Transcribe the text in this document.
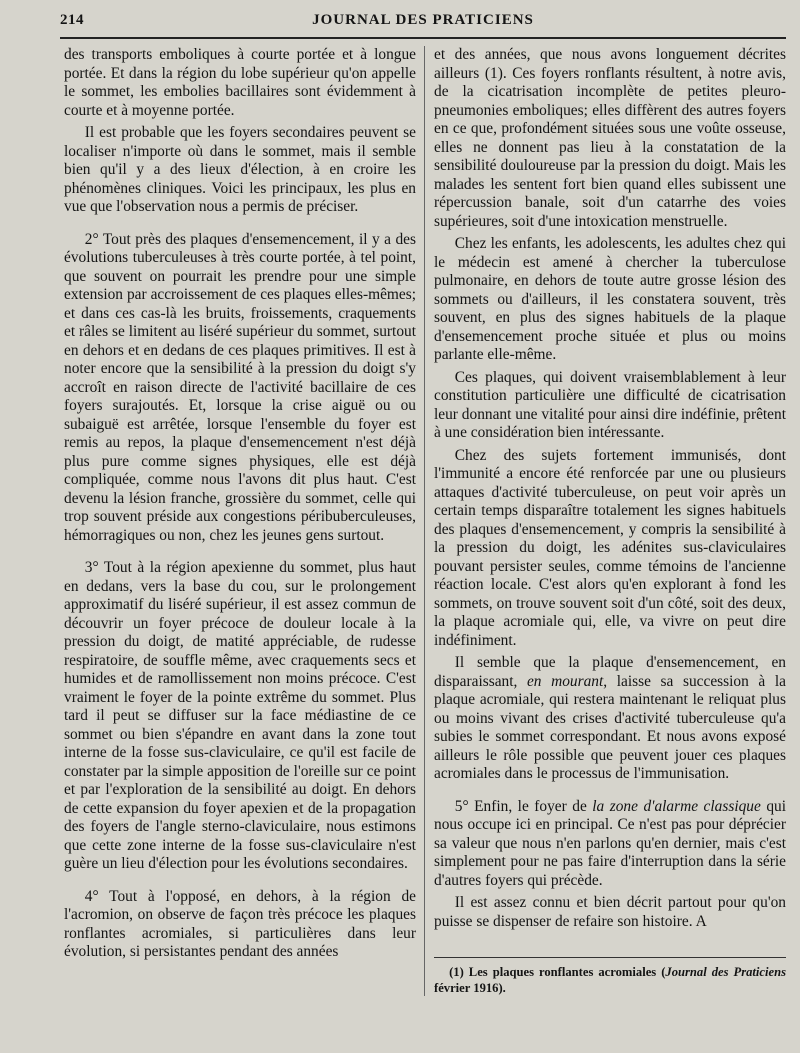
214	JOURNAL DES PRATICIENS

des transports emboliques à courte portée et à longue portée. Et dans la région du lobe supérieur qu'on appelle le sommet, les embolies bacillaires sont évidemment à courte et à moyenne portée.

Il est probable que les foyers secondaires peuvent se localiser n'importe où dans le sommet, mais il semble bien qu'il y a des lieux d'élection, à en croire les phénomènes cliniques. Voici les principaux, les plus en vue que l'observation nous a permis de préciser.

2° Tout près des plaques d'ensemencement, il y a des évolutions tuberculeuses à très courte portée, à tel point, que souvent on pourrait les prendre pour une simple extension par accroissement de ces plaques elles-mêmes; et dans ces cas-là les bruits, froissements, craquements et râles se limitent au liséré supérieur du sommet, surtout en dehors et en dedans de ces plaques primitives. Il est à noter encore que la sensibilité à la pression du doigt s'y accroît en raison directe de l'activité bacillaire de ces foyers surajoutés. Et, lorsque la crise aiguë ou ou subaiguë est arrêtée, lorsque l'ensemble du foyer est remis au repos, la plaque d'ensemencement n'est déjà plus pure comme signes physiques, elle est déjà compliquée, comme nous l'avons dit plus haut. C'est devenu la lésion franche, grossière du sommet, celle qui trop souvent préside aux congestions péribuberculeuses, hémorragiques ou non, chez les jeunes gens surtout.

3° Tout à la région apexienne du sommet, plus haut en dedans, vers la base du cou, sur le prolongement approximatif du liséré supérieur, il est assez commun de découvrir un foyer précoce de douleur locale à la pression du doigt, de matité appréciable, de rudesse respiratoire, de souffle même, avec craquements secs et humides et de ramollissement non moins précoce. C'est vraiment le foyer de la pointe extrême du sommet. Plus tard il peut se diffuser sur la face médiastine de ce sommet ou bien s'épandre en avant dans la zone tout interne de la fosse sus-claviculaire, ce qu'il est facile de constater par la simple apposition de l'oreille sur ce point et par l'exploration de la sensibilité au doigt. En dehors de cette expansion du foyer apexien et de la propagation des foyers de l'angle sterno-claviculaire, nous estimons que cette zone interne de la fosse sus-claviculaire n'est guère un lieu d'élection pour les évolutions secondaires.

4° Tout à l'opposé, en dehors, à la région de l'acromion, on observe de façon très précoce les plaques ronflantes acromiales, si particulières dans leur évolution, si persistantes pendant des années

et des années, que nous avons longuement décrites ailleurs (1). Ces foyers ronflants résultent, à notre avis, de la cicatrisation incomplète de petites pleuro-pneumonies emboliques; elles diffèrent des autres foyers en ce que, profondément situées sous une voûte osseuse, elles ne donnent pas lieu à la constatation de la sensibilité douloureuse par la pression du doigt. Mais les malades les sentent fort bien quand elles subissent une répercussion banale, soit d'un catarrhe des voies supérieures, soit d'une intoxication menstruelle.

Chez les enfants, les adolescents, les adultes chez qui le médecin est amené à chercher la tuberculose pulmonaire, en dehors de toute autre grosse lésion des sommets ou d'ailleurs, il les constatera souvent, très souvent, en plus des signes habituels de la plaque d'ensemencement proche située et plus ou moins parlante elle-même.

Ces plaques, qui doivent vraisemblablement à leur constitution particulière une difficulté de cicatrisation leur donnant une vitalité pour ainsi dire indéfinie, prêtent à une considération bien intéressante.

Chez des sujets fortement immunisés, dont l'immunité a encore été renforcée par une ou plusieurs attaques d'activité tuberculeuse, on peut voir après un certain temps disparaître totalement les signes habituels des plaques d'ensemencement, y compris la sensibilité à la pression du doigt, les adénites sus-claviculaires pouvant persister seules, comme témoins de l'ancienne réaction locale. C'est alors qu'en explorant à fond les sommets, on trouve souvent soit d'un côté, soit des deux, la plaque acromiale qui, elle, va vivre on peut dire indéfiniment.

Il semble que la plaque d'ensemencement, en disparaissant, en mourant, laisse sa succession à la plaque acromiale, qui restera maintenant le reliquat plus ou moins vivant des crises d'activité tuberculeuse qu'a subies le sommet correspondant. Et nous avons exposé ailleurs le rôle possible que peuvent jouer ces plaques acromiales dans le processus de l'immunisation.

5° Enfin, le foyer de la zone d'alarme classique qui nous occupe ici en principal. Ce n'est pas pour déprécier sa valeur que nous n'en parlons qu'en dernier, mais c'est simplement pour ne pas faire d'interruption dans la série d'autres foyers qui précède.

Il est assez connu et bien décrit partout pour qu'on puisse se dispenser de refaire son histoire. A

(1) Les plaques ronflantes acromiales (Journal des Praticiens février 1916).
